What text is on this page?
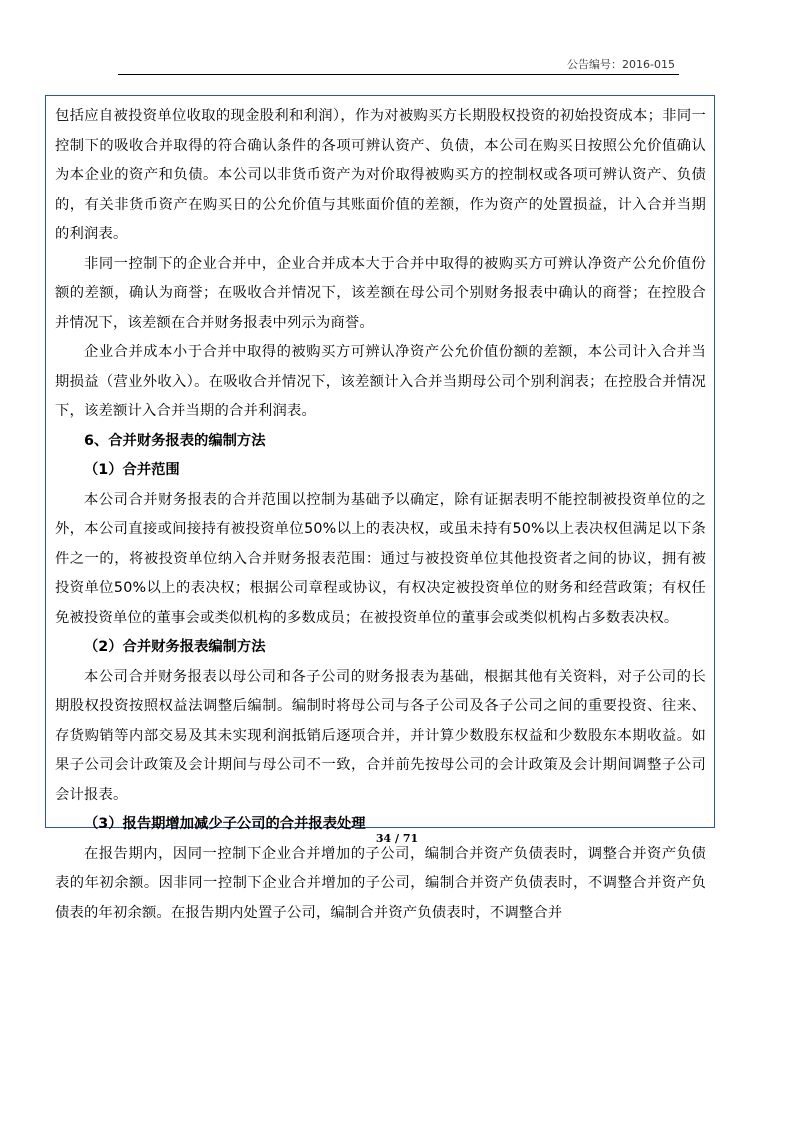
公告编号：2016-015

包括应自被投资单位收取的现金股利和利润），作为对被购买方长期股权投资的初始投资成本；非同一控制下的吸收合并取得的符合确认条件的各项可辨认资产、负债，本公司在购买日按照公允价值确认为本企业的资产和负债。本公司以非货币资产为对价取得被购买方的控制权或各项可辨认资产、负债的，有关非货币资产在购买日的公允价值与其账面价值的差额，作为资产的处置损益，计入合并当期的利润表。

非同一控制下的企业合并中，企业合并成本大于合并中取得的被购买方可辨认净资产公允价值份额的差额，确认为商誉；在吸收合并情况下，该差额在母公司个别财务报表中确认的商誉；在控股合并情况下，该差额在合并财务报表中列示为商誉。

企业合并成本小于合并中取得的被购买方可辨认净资产公允价值份额的差额，本公司计入合并当期损益（营业外收入）。在吸收合并情况下，该差额计入合并当期母公司个别利润表；在控股合并情况下，该差额计入合并当期的合并利润表。

6、合并财务报表的编制方法

（1）合并范围

本公司合并财务报表的合并范围以控制为基础予以确定，除有证据表明不能控制被投资单位的之外，本公司直接或间接持有被投资单位50%以上的表决权，或虽未持有50%以上表决权但满足以下条件之一的，将被投资单位纳入合并财务报表范围：通过与被投资单位其他投资者之间的协议，拥有被投资单位50%以上的表决权；根据公司章程或协议，有权决定被投资单位的财务和经营政策；有权任免被投资单位的董事会或类似机构的多数成员；在被投资单位的董事会或类似机构占多数表决权。

（2）合并财务报表编制方法

本公司合并财务报表以母公司和各子公司的财务报表为基础，根据其他有关资料，对子公司的长期股权投资按照权益法调整后编制。编制时将母公司与各子公司及各子公司之间的重要投资、往来、存货购销等内部交易及其未实现利润抵销后逐项合并，并计算少数股东权益和少数股东本期收益。如果子公司会计政策及会计期间与母公司不一致，合并前先按母公司的会计政策及会计期间调整子公司会计报表。

（3）报告期增加减少子公司的合并报表处理

在报告期内，因同一控制下企业合并增加的子公司，编制合并资产负债表时，调整合并资产负债表的年初余额。因非同一控制下企业合并增加的子公司，编制合并资产负债表时，不调整合并资产负债表的年初余额。在报告期内处置子公司，编制合并资产负债表时，不调整合并

34 / 71
